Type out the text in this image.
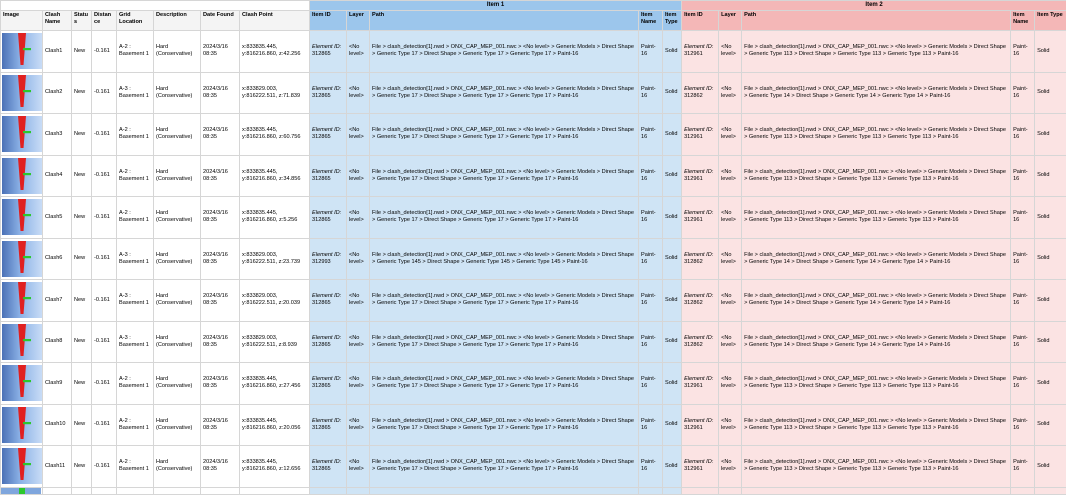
								Item 1					Item 2				
Image	Clash Name	Status	Distance	Grid Location	Description	Date Found	Clash Point	Item ID	Layer	Path	Item Name	Item Type	Item ID	Layer	Path	Item Name	Item Type

	Clash1	New	-0.161	A-2 : Basement 1	Hard (Conservative)	2024/3/16 08:35	x:833835.445, y:816216.860, z:42.256	Element ID:
312865	<No level>	File > clash_detection[1].nwd > ONX_CAP_MEP_001.nwc > <No level> > Generic Models > Direct Shape > Generic Type 17 > Direct Shape > Generic Type 17 > Generic Type 17 > Paint-16	Paint-16	Solid	Element ID:
312961	<No level>	File > clash_detection[1].nwd > ONX_CAP_MEP_001.nwc > <No level> > Generic Models > Direct Shape > Generic Type 113 > Direct Shape > Generic Type 113 > Generic Type 113 > Paint-16	Paint-16	Solid

	Clash2	New	-0.161	A-3 : Basement 1	Hard (Conservative)	2024/3/16 08:35	x:833829.003, y:816222.511, z:71.839	Element ID:
312865	<No level>	File > clash_detection[1].nwd > ONX_CAP_MEP_001.nwc > <No level> > Generic Models > Direct Shape > Generic Type 17 > Direct Shape > Generic Type 17 > Generic Type 17 > Paint-16	Paint-16	Solid	Element ID:
312862	<No level>	File > clash_detection[1].nwd > ONX_CAP_MEP_001.nwc > <No level> > Generic Models > Direct Shape > Generic Type 14 > Direct Shape > Generic Type 14 > Generic Type 14 > Paint-16	Paint-16	Solid

	Clash3	New	-0.161	A-2 : Basement 1	Hard (Conservative)	2024/3/16 08:35	x:833835.445, y:816216.860, z:60.756	Element ID:
312865	<No level>	File > clash_detection[1].nwd > ONX_CAP_MEP_001.nwc > <No level> > Generic Models > Direct Shape > Generic Type 17 > Direct Shape > Generic Type 17 > Generic Type 17 > Paint-16	Paint-16	Solid	Element ID:
312961	<No level>	File > clash_detection[1].nwd > ONX_CAP_MEP_001.nwc > <No level> > Generic Models > Direct Shape > Generic Type 113 > Direct Shape > Generic Type 113 > Generic Type 113 > Paint-16	Paint-16	Solid

	Clash4	New	-0.161	A-2 : Basement 1	Hard (Conservative)	2024/3/16 08:35	x:833835.445, y:816216.860, z:34.856	Element ID:
312865	<No level>	File > clash_detection[1].nwd > ONX_CAP_MEP_001.nwc > <No level> > Generic Models > Direct Shape > Generic Type 17 > Direct Shape > Generic Type 17 > Generic Type 17 > Paint-16	Paint-16	Solid	Element ID:
312961	<No level>	File > clash_detection[1].nwd > ONX_CAP_MEP_001.nwc > <No level> > Generic Models > Direct Shape > Generic Type 113 > Direct Shape > Generic Type 113 > Generic Type 113 > Paint-16	Paint-16	Solid

	Clash5	New	-0.161	A-2 : Basement 1	Hard (Conservative)	2024/3/16 08:35	x:833835.445, y:816216.860, z:5.256	Element ID:
312865	<No level>	File > clash_detection[1].nwd > ONX_CAP_MEP_001.nwc > <No level> > Generic Models > Direct Shape > Generic Type 17 > Direct Shape > Generic Type 17 > Generic Type 17 > Paint-16	Paint-16	Solid	Element ID:
312961	<No level>	File > clash_detection[1].nwd > ONX_CAP_MEP_001.nwc > <No level> > Generic Models > Direct Shape > Generic Type 113 > Direct Shape > Generic Type 113 > Generic Type 113 > Paint-16	Paint-16	Solid

	Clash6	New	-0.161	A-3 : Basement 1	Hard (Conservative)	2024/3/16 08:35	x:833829.003, y:816222.511, z:23.739	Element ID:
312993	<No level>	File > clash_detection[1].nwd > ONX_CAP_MEP_001.nwc > <No level> > Generic Models > Direct Shape > Generic Type 145 > Direct Shape > Generic Type 145 > Generic Type 145 > Paint-16	Paint-16	Solid	Element ID:
312862	<No level>	File > clash_detection[1].nwd > ONX_CAP_MEP_001.nwc > <No level> > Generic Models > Direct Shape > Generic Type 14 > Direct Shape > Generic Type 14 > Generic Type 14 > Paint-16	Paint-16	Solid

	Clash7	New	-0.161	A-3 : Basement 1	Hard (Conservative)	2024/3/16 08:35	x:833829.003, y:816222.511, z:20.039	Element ID:
312865	<No level>	File > clash_detection[1].nwd > ONX_CAP_MEP_001.nwc > <No level> > Generic Models > Direct Shape > Generic Type 17 > Direct Shape > Generic Type 17 > Generic Type 17 > Paint-16	Paint-16	Solid	Element ID:
312862	<No level>	File > clash_detection[1].nwd > ONX_CAP_MEP_001.nwc > <No level> > Generic Models > Direct Shape > Generic Type 14 > Direct Shape > Generic Type 14 > Generic Type 14 > Paint-16	Paint-16	Solid

	Clash8	New	-0.161	A-3 : Basement 1	Hard (Conservative)	2024/3/16 08:35	x:833829.003, y:816222.511, z:8.939	Element ID:
312865	<No level>	File > clash_detection[1].nwd > ONX_CAP_MEP_001.nwc > <No level> > Generic Models > Direct Shape > Generic Type 17 > Direct Shape > Generic Type 17 > Generic Type 17 > Paint-16	Paint-16	Solid	Element ID:
312862	<No level>	File > clash_detection[1].nwd > ONX_CAP_MEP_001.nwc > <No level> > Generic Models > Direct Shape > Generic Type 14 > Direct Shape > Generic Type 14 > Generic Type 14 > Paint-16	Paint-16	Solid

	Clash9	New	-0.161	A-2 : Basement 1	Hard (Conservative)	2024/3/16 08:35	x:833835.445, y:816216.860, z:27.456	Element ID:
312865	<No level>	File > clash_detection[1].nwd > ONX_CAP_MEP_001.nwc > <No level> > Generic Models > Direct Shape > Generic Type 17 > Direct Shape > Generic Type 17 > Generic Type 17 > Paint-16	Paint-16	Solid	Element ID:
312961	<No level>	File > clash_detection[1].nwd > ONX_CAP_MEP_001.nwc > <No level> > Generic Models > Direct Shape > Generic Type 113 > Direct Shape > Generic Type 113 > Generic Type 113 > Paint-16	Paint-16	Solid

	Clash10	New	-0.161	A-2 : Basement 1	Hard (Conservative)	2024/3/16 08:35	x:833835.445, y:816216.860, z:20.056	Element ID:
312865	<No level>	File > clash_detection[1].nwd > ONX_CAP_MEP_001.nwc > <No level> > Generic Models > Direct Shape > Generic Type 17 > Direct Shape > Generic Type 17 > Generic Type 17 > Paint-16	Paint-16	Solid	Element ID:
312961	<No level>	File > clash_detection[1].nwd > ONX_CAP_MEP_001.nwc > <No level> > Generic Models > Direct Shape > Generic Type 113 > Direct Shape > Generic Type 113 > Generic Type 113 > Paint-16	Paint-16	Solid

	Clash11	New	-0.161	A-2 : Basement 1	Hard (Conservative)	2024/3/16 08:35	x:833835.445, y:816216.860, z:12.656	Element ID:
312865	<No level>	File > clash_detection[1].nwd > ONX_CAP_MEP_001.nwc > <No level> > Generic Models > Direct Shape > Generic Type 17 > Direct Shape > Generic Type 17 > Generic Type 17 > Paint-16	Paint-16	Solid	Element ID:
312961	<No level>	File > clash_detection[1].nwd > ONX_CAP_MEP_001.nwc > <No level> > Generic Models > Direct Shape > Generic Type 113 > Direct Shape > Generic Type 113 > Generic Type 113 > Paint-16	Paint-16	Solid
